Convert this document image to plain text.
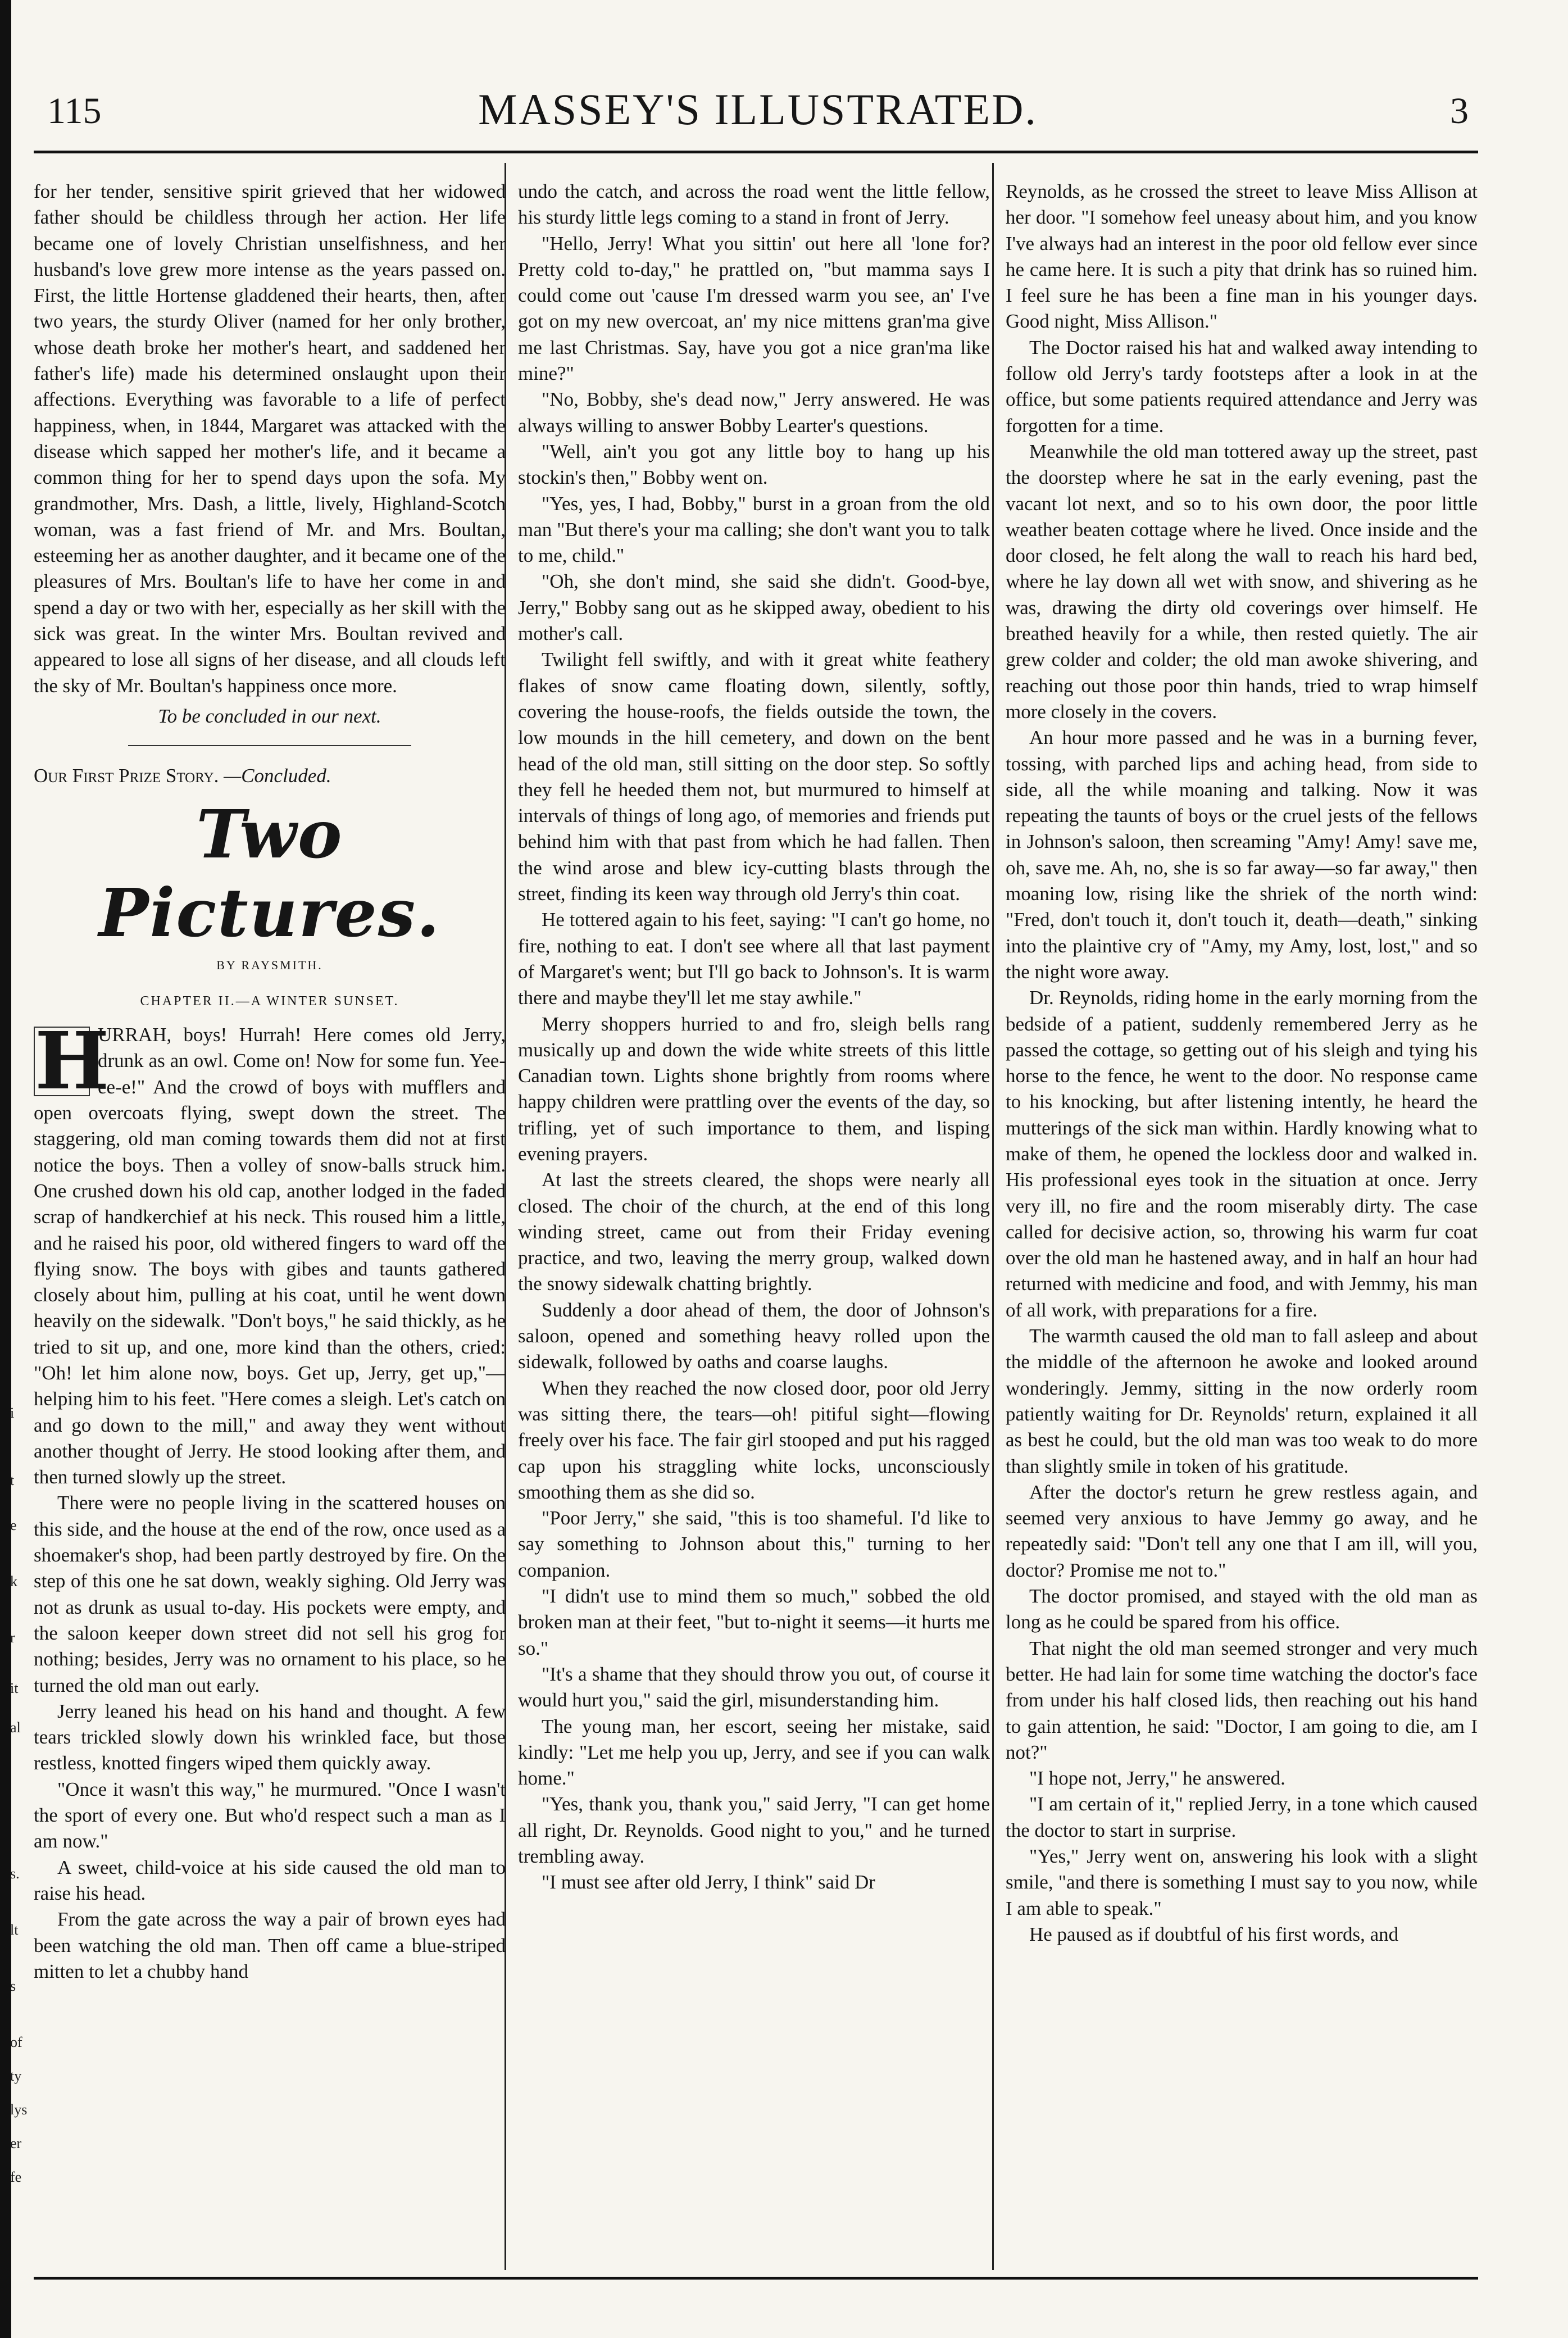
i
t
e
k
r
it
al
s.
lt
s
of
ty
lys
er
fe
115	MASSEY'S ILLUSTRATED.	3

for her tender, sensitive spirit grieved that her widowed father should be childless through her action. Her life became one of lovely Christian unselfishness, and her husband's love grew more intense as the years passed on. First, the little Hortense gladdened their hearts, then, after two years, the sturdy Oliver (named for her only brother, whose death broke her mother's heart, and saddened her father's life) made his determined onslaught upon their affections. Everything was favorable to a life of perfect happiness, when, in 1844, Margaret was attacked with the disease which sapped her mother's life, and it became a common thing for her to spend days upon the sofa. My grandmother, Mrs. Dash, a little, lively, Highland-Scotch woman, was a fast friend of Mr. and Mrs. Boultan, esteeming her as another daughter, and it became one of the pleasures of Mrs. Boultan's life to have her come in and spend a day or two with her, especially as her skill with the sick was great. In the winter Mrs. Boultan revived and appeared to lose all signs of her disease, and all clouds left the sky of Mr. Boultan's happiness once more.

To be concluded in our next.

Our First Prize Story. —Concluded.

Two Pictures.
BY RAYSMITH.
CHAPTER II.—A WINTER SUNSET.

H
URRAH, boys! Hurrah! Here comes old Jerry, drunk as an owl. Come on! Now for some fun. Yee-ee-e!" And the crowd of boys with mufflers and open overcoats flying, swept down the street. The staggering, old man coming towards them did not at first notice the boys. Then a volley of snow-balls struck him. One crushed down his old cap, another lodged in the faded scrap of handkerchief at his neck. This roused him a little, and he raised his poor, old withered fingers to ward off the flying snow. The boys with gibes and taunts gathered closely about him, pulling at his coat, until he went down heavily on the sidewalk. "Don't boys," he said thickly, as he tried to sit up, and one, more kind than the others, cried: "Oh! let him alone now, boys. Get up, Jerry, get up,"—helping him to his feet. "Here comes a sleigh. Let's catch on and go down to the mill," and away they went without another thought of Jerry. He stood looking after them, and then turned slowly up the street.

There were no people living in the scattered houses on this side, and the house at the end of the row, once used as a shoemaker's shop, had been partly destroyed by fire. On the step of this one he sat down, weakly sighing. Old Jerry was not as drunk as usual to-day. His pockets were empty, and the saloon keeper down street did not sell his grog for nothing; besides, Jerry was no ornament to his place, so he turned the old man out early.

Jerry leaned his head on his hand and thought. A few tears trickled slowly down his wrinkled face, but those restless, knotted fingers wiped them quickly away.

"Once it wasn't this way," he murmured. "Once I wasn't the sport of every one. But who'd respect such a man as I am now."

A sweet, child-voice at his side caused the old man to raise his head.

From the gate across the way a pair of brown eyes had been watching the old man. Then off came a blue-striped mitten to let a chubby hand

undo the catch, and across the road went the little fellow, his sturdy little legs coming to a stand in front of Jerry.

"Hello, Jerry! What you sittin' out here all 'lone for? Pretty cold to-day," he prattled on, "but mamma says I could come out 'cause I'm dressed warm you see, an' I've got on my new overcoat, an' my nice mittens gran'ma give me last Christmas. Say, have you got a nice gran'ma like mine?"

"No, Bobby, she's dead now," Jerry answered. He was always willing to answer Bobby Learter's questions.

"Well, ain't you got any little boy to hang up his stockin's then," Bobby went on.

"Yes, yes, I had, Bobby," burst in a groan from the old man "But there's your ma calling; she don't want you to talk to me, child."

"Oh, she don't mind, she said she didn't. Good-bye, Jerry," Bobby sang out as he skipped away, obedient to his mother's call.

Twilight fell swiftly, and with it great white feathery flakes of snow came floating down, silently, softly, covering the house-roofs, the fields outside the town, the low mounds in the hill cemetery, and down on the bent head of the old man, still sitting on the door step. So softly they fell he heeded them not, but murmured to himself at intervals of things of long ago, of memories and friends put behind him with that past from which he had fallen. Then the wind arose and blew icy-cutting blasts through the street, finding its keen way through old Jerry's thin coat.

He tottered again to his feet, saying: "I can't go home, no fire, nothing to eat. I don't see where all that last payment of Margaret's went; but I'll go back to Johnson's. It is warm there and maybe they'll let me stay awhile."

Merry shoppers hurried to and fro, sleigh bells rang musically up and down the wide white streets of this little Canadian town. Lights shone brightly from rooms where happy children were prattling over the events of the day, so trifling, yet of such importance to them, and lisping evening prayers.

At last the streets cleared, the shops were nearly all closed. The choir of the church, at the end of this long winding street, came out from their Friday evening practice, and two, leaving the merry group, walked down the snowy sidewalk chatting brightly.

Suddenly a door ahead of them, the door of Johnson's saloon, opened and something heavy rolled upon the sidewalk, followed by oaths and coarse laughs.

When they reached the now closed door, poor old Jerry was sitting there, the tears—oh! pitiful sight—flowing freely over his face. The fair girl stooped and put his ragged cap upon his straggling white locks, unconsciously smoothing them as she did so.

"Poor Jerry," she said, "this is too shameful. I'd like to say something to Johnson about this," turning to her companion.

"I didn't use to mind them so much," sobbed the old broken man at their feet, "but to-night it seems—it hurts me so."

"It's a shame that they should throw you out, of course it would hurt you," said the girl, misunderstanding him.

The young man, her escort, seeing her mistake, said kindly: "Let me help you up, Jerry, and see if you can walk home."

"Yes, thank you, thank you," said Jerry, "I can get home all right, Dr. Reynolds. Good night to you," and he turned trembling away.

"I must see after old Jerry, I think" said Dr

Reynolds, as he crossed the street to leave Miss Allison at her door. "I somehow feel uneasy about him, and you know I've always had an interest in the poor old fellow ever since he came here. It is such a pity that drink has so ruined him. I feel sure he has been a fine man in his younger days. Good night, Miss Allison."

The Doctor raised his hat and walked away intending to follow old Jerry's tardy footsteps after a look in at the office, but some patients required attendance and Jerry was forgotten for a time.

Meanwhile the old man tottered away up the street, past the doorstep where he sat in the early evening, past the vacant lot next, and so to his own door, the poor little weather beaten cottage where he lived. Once inside and the door closed, he felt along the wall to reach his hard bed, where he lay down all wet with snow, and shivering as he was, drawing the dirty old coverings over himself. He breathed heavily for a while, then rested quietly. The air grew colder and colder; the old man awoke shivering, and reaching out those poor thin hands, tried to wrap himself more closely in the covers.

An hour more passed and he was in a burning fever, tossing, with parched lips and aching head, from side to side, all the while moaning and talking. Now it was repeating the taunts of boys or the cruel jests of the fellows in Johnson's saloon, then screaming "Amy! Amy! save me, oh, save me. Ah, no, she is so far away—so far away," then moaning low, rising like the shriek of the north wind: "Fred, don't touch it, don't touch it, death—death," sinking into the plaintive cry of "Amy, my Amy, lost, lost," and so the night wore away.

Dr. Reynolds, riding home in the early morning from the bedside of a patient, suddenly remembered Jerry as he passed the cottage, so getting out of his sleigh and tying his horse to the fence, he went to the door. No response came to his knocking, but after listening intently, he heard the mutterings of the sick man within. Hardly knowing what to make of them, he opened the lockless door and walked in. His professional eyes took in the situation at once. Jerry very ill, no fire and the room miserably dirty. The case called for decisive action, so, throwing his warm fur coat over the old man he hastened away, and in half an hour had returned with medicine and food, and with Jemmy, his man of all work, with preparations for a fire.

The warmth caused the old man to fall asleep and about the middle of the afternoon he awoke and looked around wonderingly. Jemmy, sitting in the now orderly room patiently waiting for Dr. Reynolds' return, explained it all as best he could, but the old man was too weak to do more than slightly smile in token of his gratitude.

After the doctor's return he grew restless again, and seemed very anxious to have Jemmy go away, and he repeatedly said: "Don't tell any one that I am ill, will you, doctor? Promise me not to."

The doctor promised, and stayed with the old man as long as he could be spared from his office.

That night the old man seemed stronger and very much better. He had lain for some time watching the doctor's face from under his half closed lids, then reaching out his hand to gain attention, he said: "Doctor, I am going to die, am I not?"

"I hope not, Jerry," he answered.

"I am certain of it," replied Jerry, in a tone which caused the doctor to start in surprise.

"Yes," Jerry went on, answering his look with a slight smile, "and there is something I must say to you now, while I am able to speak."

He paused as if doubtful of his first words, and
